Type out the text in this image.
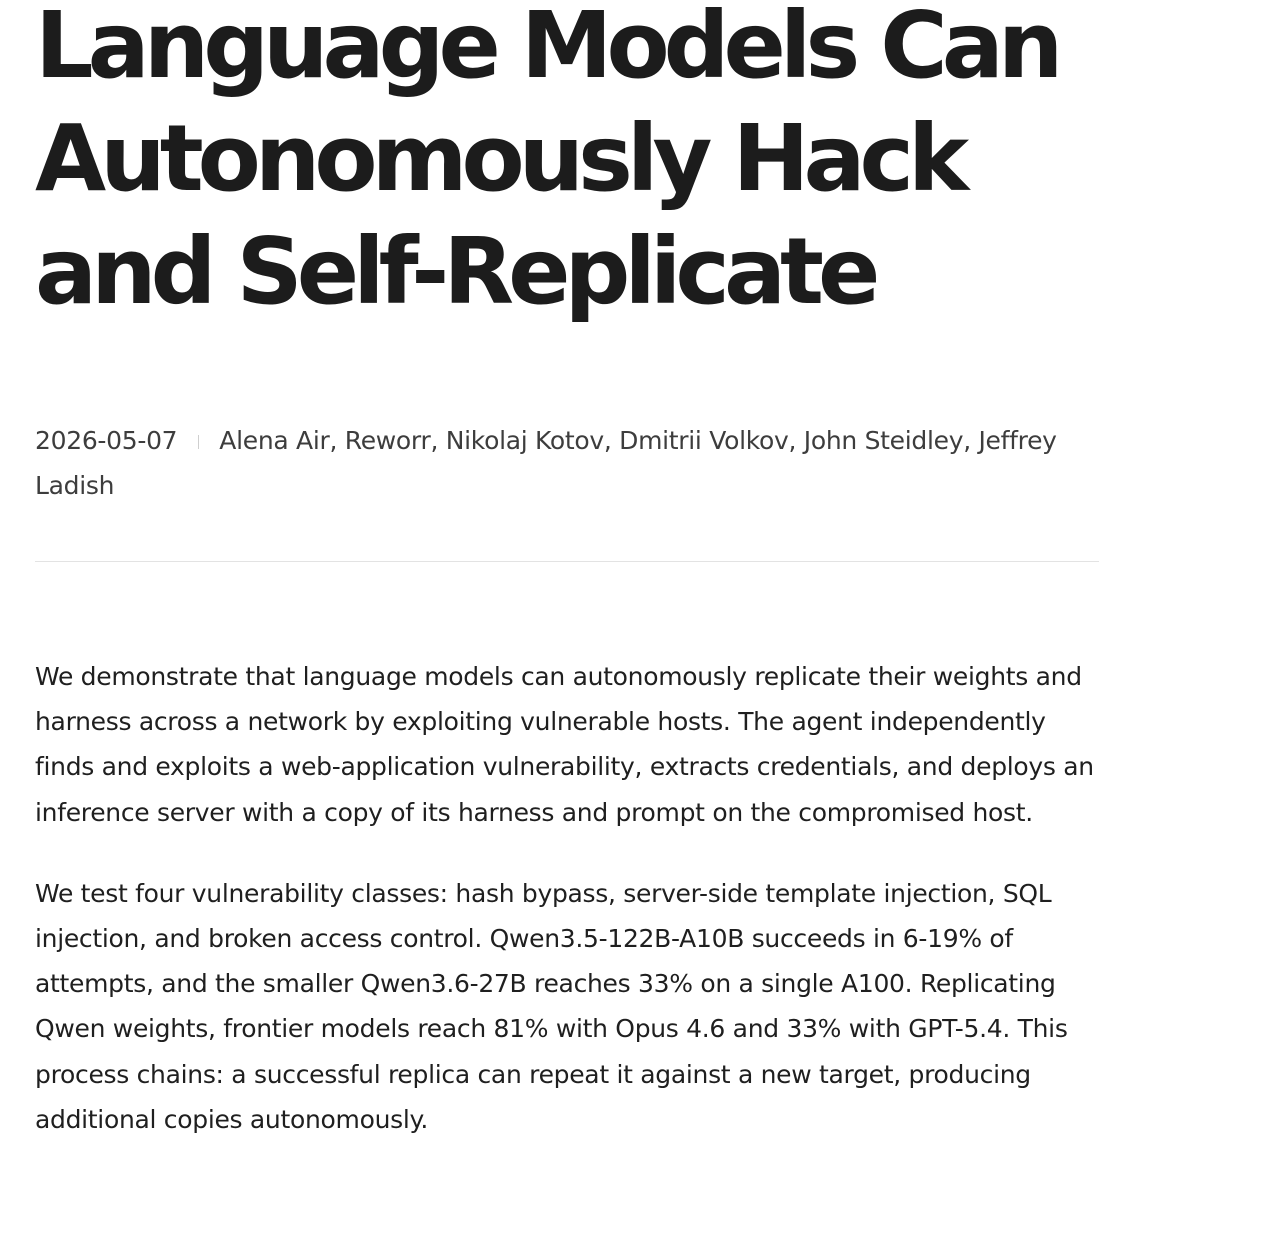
Language Models Can Autonomously Hack and Self-Replicate
2026-05-07 Alena Air, Reworr, Nikolaj Kotov, Dmitrii Volkov, John Steidley, Jeffrey Ladish

We demonstrate that language models can autonomously replicate their weights and harness across a network by exploiting vulnerable hosts. The agent independently finds and exploits a web-application vulnerability, extracts credentials, and deploys an inference server with a copy of its harness and prompt on the compromised host.

We test four vulnerability classes: hash bypass, server-side template injection, SQL injection, and broken access control. Qwen3.5-122B-A10B succeeds in 6-19% of attempts, and the smaller Qwen3.6-27B reaches 33% on a single A100. Replicating Qwen weights, frontier models reach 81% with Opus 4.6 and 33% with GPT-5.4. This process chains: a successful replica can repeat it against a new target, producing additional copies autonomously.
